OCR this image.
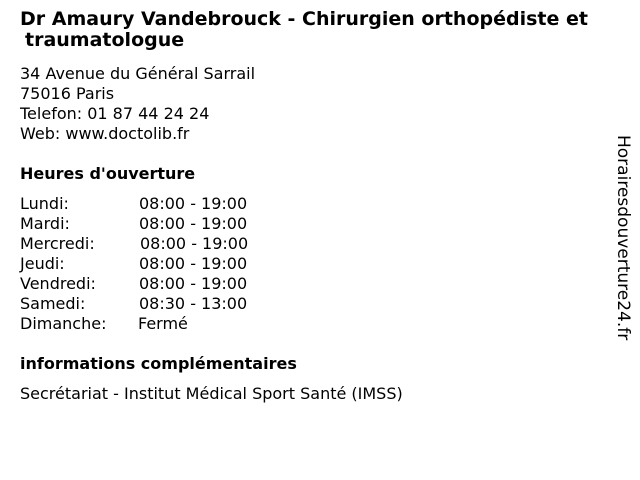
Dr Amaury Vandebrouck - Chirurgien orthopédiste et
traumatologue
34 Avenue du Général Sarrail
75016 Paris
Telefon: 01 87 44 24 24
Web: www.doctolib.fr
Heures d'ouverture
Lundi:	08:00 - 19:00
Mardi:	08:00 - 19:00
Mercredi:	08:00 - 19:00
Jeudi:	08:00 - 19:00
Vendredi:	08:00 - 19:00
Samedi:	08:30 - 13:00
Dimanche: Fermé
informations complémentaires
Secrétariat - Institut Médical Sport Santé (IMSS)
Horairesdouverture24.fr
